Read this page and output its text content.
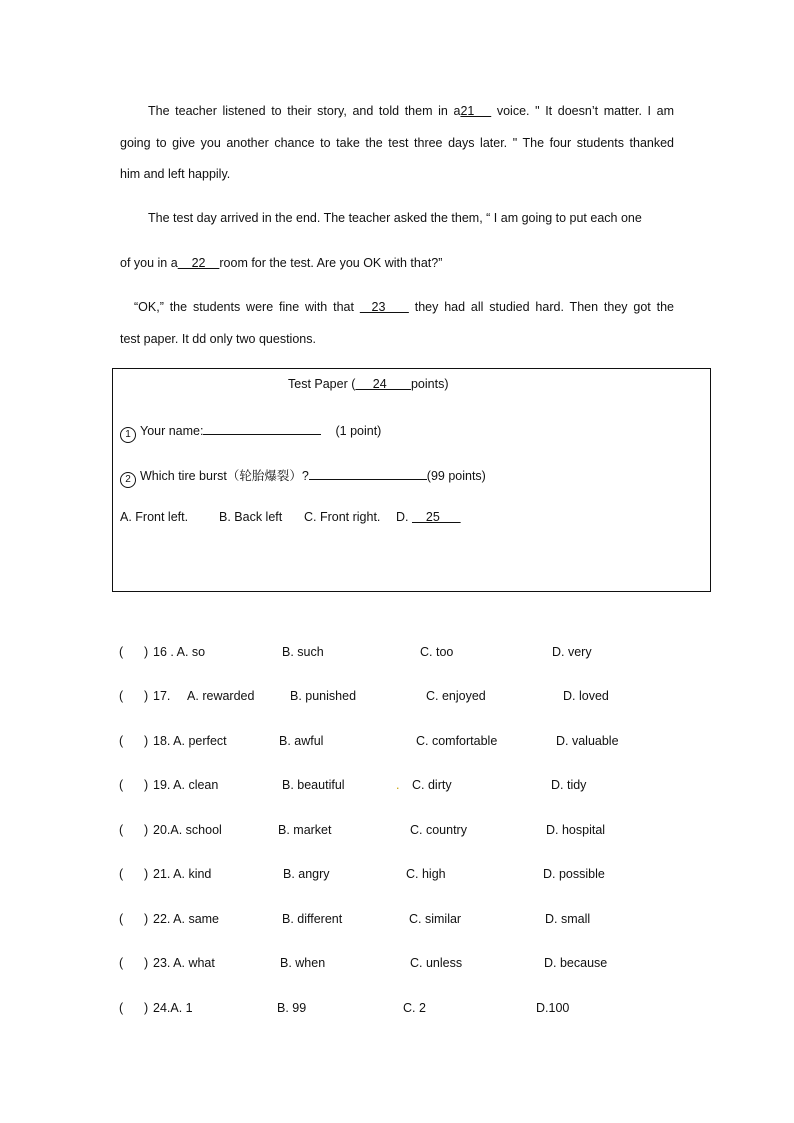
The teacher listened to their story, and told them in a21    voice. " It doesn’t matter. I am
going to give you another chance to take the test three days later. " The four students thanked
him and left happily.
The test day arrived in the end. The teacher asked the them, “ I am going to put each one
of you in a    22    room for the test. Are you OK with that?”
“OK,” the students were fine with that   23     they had all studied hard. Then they got the
test paper. It dd only two questions.
Test Paper (     24       points)
1 Your name:	(1 point)
2 Which tire burst（轮胎爆裂）?	(99 points)
A. Front left. B. Back left C. Front right. D.     25
(      ) 16 . A. so	B. such	C. too	D. very
(      ) 17.     A. rewarded	B. punished	C. enjoyed	D. loved
(      ) 18. A. perfect	B. awful	C. comfortable	D. valuable
(      ) 19. A. clean	B. beautiful	. C. dirty	D. tidy
(      ) 20.A. school	B. market	C. country	D. hospital
(      ) 21. A. kind	B. angry	C. high	D. possible
(      ) 22. A. same	B. different	C. similar	D. small
(      ) 23. A. what	B. when	C. unless	D. because
(      ) 24.A. 1	B. 99	C. 2	D.100
